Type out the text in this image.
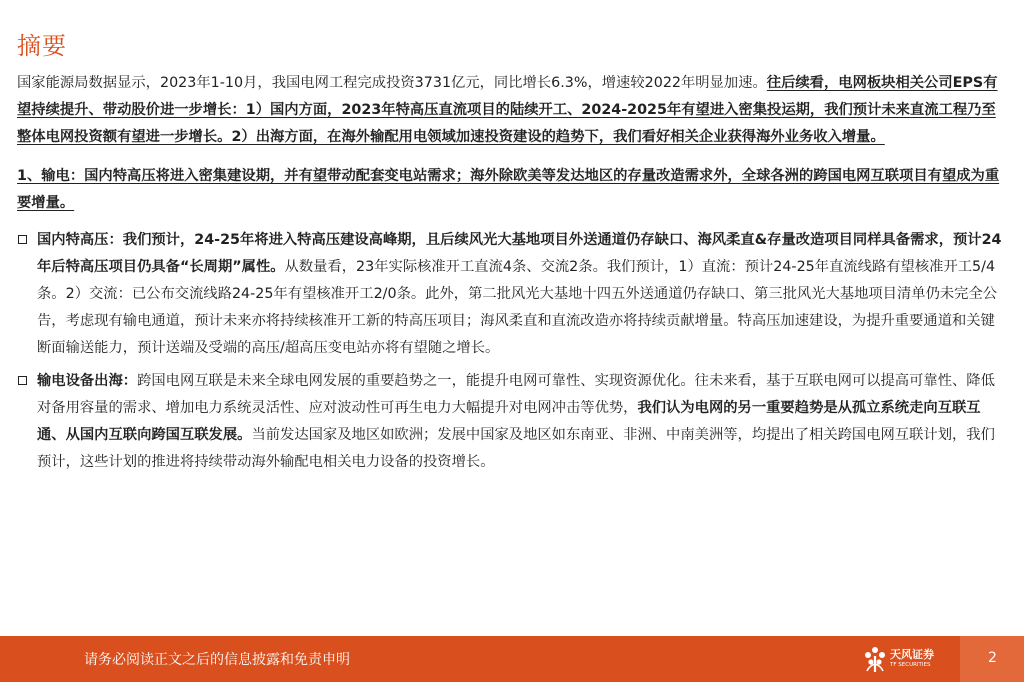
摘要

国家能源局数据显示，2023年1-10月，我国电网工程完成投资3731亿元，同比增长6.3%，增速较2022年明显加速。往后续看，电网板块相关公司EPS有望持续提升、带动股价进一步增长：1）国内方面，2023年特高压直流项目的陆续开工、2024-2025年有望进入密集投运期，我们预计未来直流工程乃至整体电网投资额有望进一步增长。2）出海方面，在海外输配用电领域加速投资建设的趋势下，我们看好相关企业获得海外业务收入增量。

1、输电：国内特高压将进入密集建设期，并有望带动配套变电站需求；海外除欧美等发达地区的存量改造需求外，全球各洲的跨国电网互联项目有望成为重要增量。

国内特高压：我们预计，24-25年将进入特高压建设高峰期，且后续风光大基地项目外送通道仍存缺口、海风柔直&存量改造项目同样具备需求，预计24年后特高压项目仍具备“长周期”属性。从数量看，23年实际核准开工直流4条、交流2条。我们预计，1）直流：预计24-25年直流线路有望核准开工5/4条。2）交流：已公布交流线路24-25年有望核准开工2/0条。此外，第二批风光大基地十四五外送通道仍存缺口、第三批风光大基地项目清单仍未完全公告，考虑现有输电通道，预计未来亦将持续核准开工新的特高压项目；海风柔直和直流改造亦将持续贡献增量。特高压加速建设，为提升重要通道和关键断面输送能力，预计送端及受端的高压/超高压变电站亦将有望随之增长。
输电设备出海：跨国电网互联是未来全球电网发展的重要趋势之一，能提升电网可靠性、实现资源优化。往未来看，基于互联电网可以提高可靠性、降低对备用容量的需求、增加电力系统灵活性、应对波动性可再生电力大幅提升对电网冲击等优势，我们认为电网的另一重要趋势是从孤立系统走向互联互通、从国内互联向跨国互联发展。当前发达国家及地区如欧洲；发展中国家及地区如东南亚、非洲、中南美洲等，均提出了相关跨国电网互联计划，我们预计，这些计划的推进将持续带动海外输配电相关电力设备的投资增长。
请务必阅读正文之后的信息披露和免责申明	天风证券
TF SECURITIES	2
